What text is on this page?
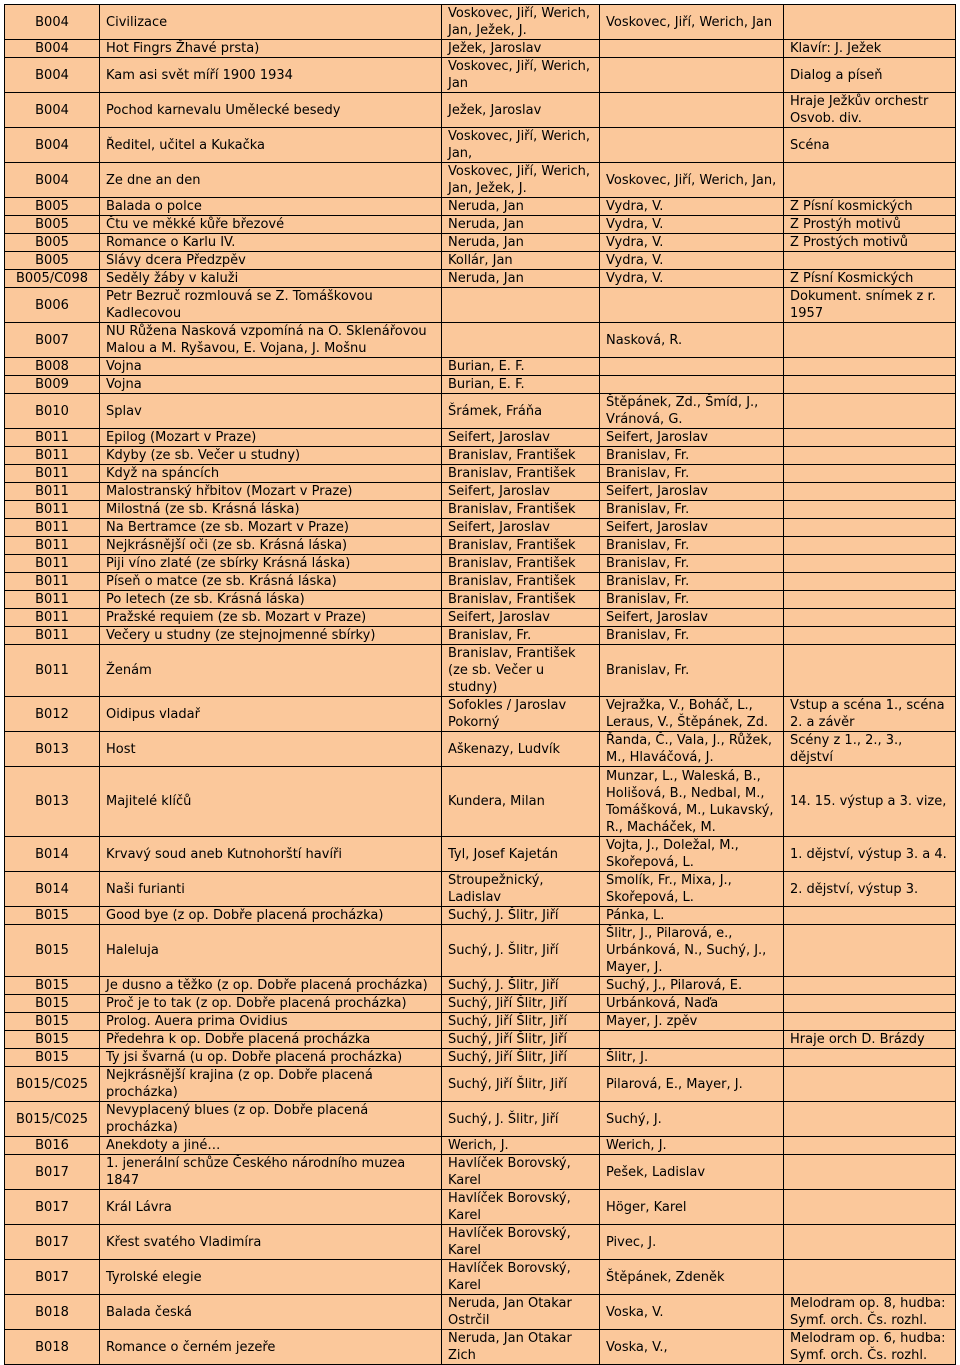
B004	Civilizace	Voskovec, Jiří, Werich, Jan, Ježek, J.	Voskovec, Jiří, Werich, Jan	
B004	Hot Fingrs Žhavé prsta)	Ježek, Jaroslav		Klavír: J. Ježek
B004	Kam asi svět míří 1900 1934	Voskovec, Jiří, Werich, Jan		Dialog a píseň
B004	Pochod karnevalu Umělecké besedy	Ježek, Jaroslav		Hraje Ježkův orchestr Osvob. div.
B004	Ředitel, učitel a Kukačka	Voskovec, Jiří, Werich, Jan,		Scéna
B004	Ze dne an den	Voskovec, Jiří, Werich, Jan, Ježek, J.	Voskovec, Jiří, Werich, Jan,	
B005	Balada o polce	Neruda, Jan	Vydra, V.	Z Písní kosmických
B005	Čtu ve měkké kůře březové	Neruda, Jan	Vydra, V.	Z Prostýh motivů
B005	Romance o Karlu IV.	Neruda, Jan	Vydra, V.	Z Prostých motivů
B005	Slávy dcera Předzpěv	Kollár, Jan	Vydra, V.	
B005/C098	Seděly žáby v kaluži	Neruda, Jan	Vydra, V.	Z Písní Kosmických
B006	Petr Bezruč rozmlouvá se Z. Tomáškovou Kadlecovou			Dokument. snímek z r. 1957
B007	NU Růžena Nasková vzpomíná na O. Sklenářovou Malou a M. Ryšavou, E. Vojana, J. Mošnu		Nasková, R.	
B008	Vojna	Burian, E. F.		
B009	Vojna	Burian, E. F.		
B010	Splav	Šrámek, Fráňa	Štěpánek, Zd., Šmíd, J., Vránová, G.	
B011	Epilog (Mozart v Praze)	Seifert, Jaroslav	Seifert, Jaroslav	
B011	Kdyby (ze sb. Večer u studny)	Branislav, František	Branislav, Fr.	
B011	Když na spáncích	Branislav, František	Branislav, Fr.	
B011	Malostranský hřbitov (Mozart v Praze)	Seifert, Jaroslav	Seifert, Jaroslav	
B011	Milostná (ze sb. Krásná láska)	Branislav, František	Branislav, Fr.	
B011	Na Bertramce (ze sb. Mozart v Praze)	Seifert, Jaroslav	Seifert, Jaroslav	
B011	Nejkrásnější oči (ze sb. Krásná láska)	Branislav, František	Branislav, Fr.	
B011	Piji víno zlaté (ze sbírky Krásná láska)	Branislav, František	Branislav, Fr.	
B011	Píseň o matce (ze sb. Krásná láska)	Branislav, František	Branislav, Fr.	
B011	Po letech (ze sb. Krásná láska)	Branislav, František	Branislav, Fr.	
B011	Pražské requiem (ze sb. Mozart v Praze)	Seifert, Jaroslav	Seifert, Jaroslav	
B011	Večery u studny (ze stejnojmenné sbírky)	Branislav, Fr.	Branislav, Fr.	
B011	Ženám	Branislav, František (ze sb. Večer u studny)	Branislav, Fr.	
B012	Oidipus vladař	Sofokles / Jaroslav Pokorný	Vejražka, V., Boháč, L., Leraus, V., Štěpánek, Zd.	Vstup a scéna 1., scéna 2. a závěr
B013	Host	Aškenazy, Ludvík	Řanda, Č., Vala, J., Růžek, M., Hlaváčová, J.	Scény z 1., 2., 3., dějství
B013	Majitelé klíčů	Kundera, Milan	Munzar, L., Waleská, B., Holišová, B., Nedbal, M., Tomášková, M., Lukavský, R., Macháček, M.	14. 15. výstup a 3. vize,
B014	Krvavý soud aneb Kutnohorští havíři	Tyl, Josef Kajetán	Vojta, J., Doležal, M., Skořepová, L.	1. dějství, výstup 3. a 4.
B014	Naši furianti	Stroupežnický, Ladislav	Smolík, Fr., Mixa, J., Skořepová, L.	2. dějství, výstup 3.
B015	Good bye (z op. Dobře placená procházka)	Suchý, J. Šlitr, Jiří	Pánka, L.	
B015	Haleluja	Suchý, J. Šlitr, Jiří	Šlitr, J., Pilarová, e., Urbánková, N., Suchý, J., Mayer, J.	
B015	Je dusno a těžko (z op. Dobře placená procházka)	Suchý, J. Šlitr, Jiří	Suchý, J., Pilarová, E.	
B015	Proč je to tak (z op. Dobře placená procházka)	Suchý, Jiří Šlitr, Jiří	Urbánková, Naďa	
B015	Prolog. Auera prima Ovidius	Suchý, Jiří Šlitr, Jiří	Mayer, J. zpěv	
B015	Předehra k op. Dobře placená procházka	Suchý, Jiří Šlitr, Jiří		Hraje orch D. Brázdy
B015	Ty jsi švarná (u op. Dobře placená procházka)	Suchý, Jiří Šlitr, Jiří	Šlitr, J.	
B015/C025	Nejkrásnější krajina (z op. Dobře placená procházka)	Suchý, Jiří Šlitr, Jiří	Pilarová, E., Mayer, J.	
B015/C025	Nevyplacený blues (z op. Dobře placená procházka)	Suchý, J. Šlitr, Jiří	Suchý, J.	
B016	Anekdoty a jiné…	Werich, J.	Werich, J.	
B017	1. jenerální schůze Českého národního muzea 1847	Havlíček Borovský, Karel	Pešek, Ladislav	
B017	Král Lávra	Havlíček Borovský, Karel	Höger, Karel	
B017	Křest svatého Vladimíra	Havlíček Borovský, Karel	Pivec, J.	
B017	Tyrolské elegie	Havlíček Borovský, Karel	Štěpánek, Zdeněk	
B018	Balada česká	Neruda, Jan Otakar Ostrčil	Voska, V.	Melodram op. 8, hudba: Symf. orch. Čs. rozhl.
B018	Romance o černém jezeře	Neruda, Jan Otakar Zich	Voska, V.,	Melodram op. 6, hudba: Symf. orch. Čs. rozhl.
